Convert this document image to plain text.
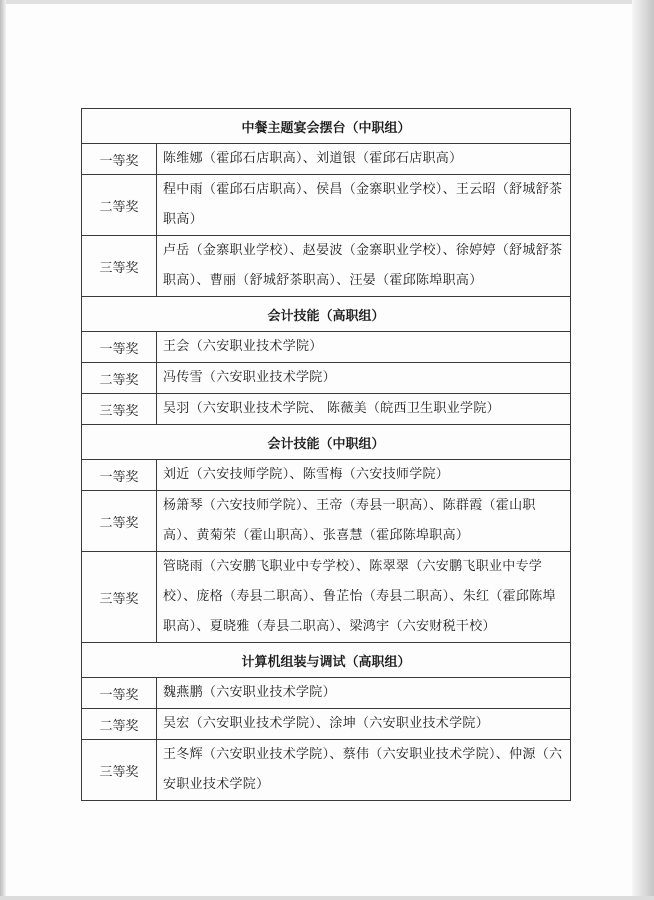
中餐主题宴会摆台（中职组）	
一等奖	陈维娜（霍邱石店职高）、刘道银（霍邱石店职高）
二等奖	程中雨（霍邱石店职高）、侯昌（金寨职业学校）、王云昭（舒城舒茶职高）
三等奖	卢岳（金寨职业学校）、赵晏波（金寨职业学校）、徐婷婷（舒城舒茶职高）、曹丽（舒城舒茶职高）、汪晏（霍邱陈埠职高）
会计技能（高职组）	
一等奖	王会（六安职业技术学院）
二等奖	冯传雪（六安职业技术学院）
三等奖	吴羽（六安职业技术学院、 陈薇美（皖西卫生职业学院）
会计技能（中职组）	
一等奖	刘近（六安技师学院）、陈雪梅（六安技师学院）
二等奖	杨箫琴（六安技师学院）、王帝（寿县一职高）、陈群霞（霍山职高）、黄菊荣（霍山职高）、张喜慧（霍邱陈埠职高）
三等奖	管晓雨（六安鹏飞职业中专学校）、陈翠翠（六安鹏飞职业中专学校）、庞格（寿县二职高）、鲁芷怡（寿县二职高）、朱红（霍邱陈埠职高）、夏晓雅（寿县二职高）、梁鸿宇（六安财税干校）
计算机组装与调试（高职组）	
一等奖	魏燕鹏（六安职业技术学院）
二等奖	吴宏（六安职业技术学院）、涂坤（六安职业技术学院）
三等奖	王冬辉（六安职业技术学院）、蔡伟（六安职业技术学院）、仲源（六安职业技术学院）
